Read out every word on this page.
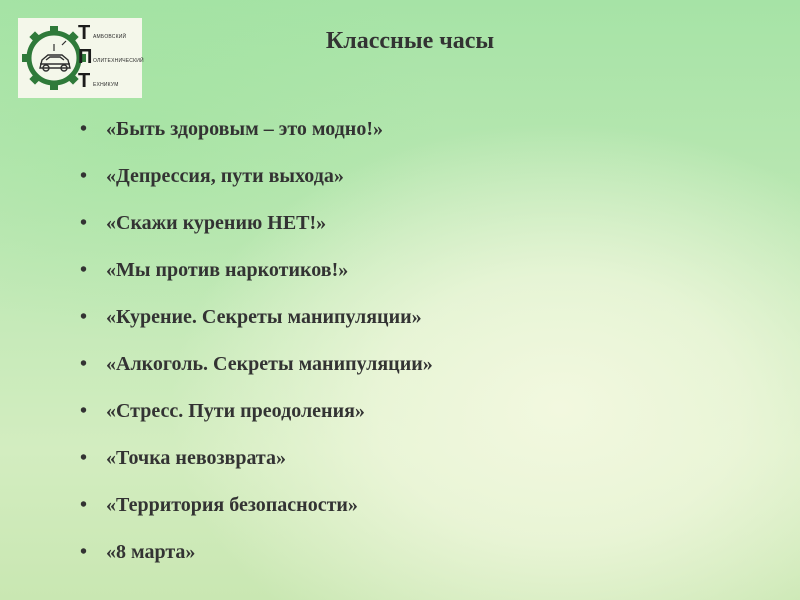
Т АМБОВСКИЙ
П ОЛИТЕХНИЧЕСКИЙ
Т ЕХНИКУМ
Классные часы
• «Быть здоровым – это модно!»
• «Депрессия, пути выхода»
• «Скажи курению НЕТ!»
• «Мы против наркотиков!»
• «Курение. Секреты манипуляции»
• «Алкоголь. Секреты манипуляции»
• «Стресс. Пути преодоления»
• «Точка невозврата»
• «Территория безопасности»
• «8 марта»
